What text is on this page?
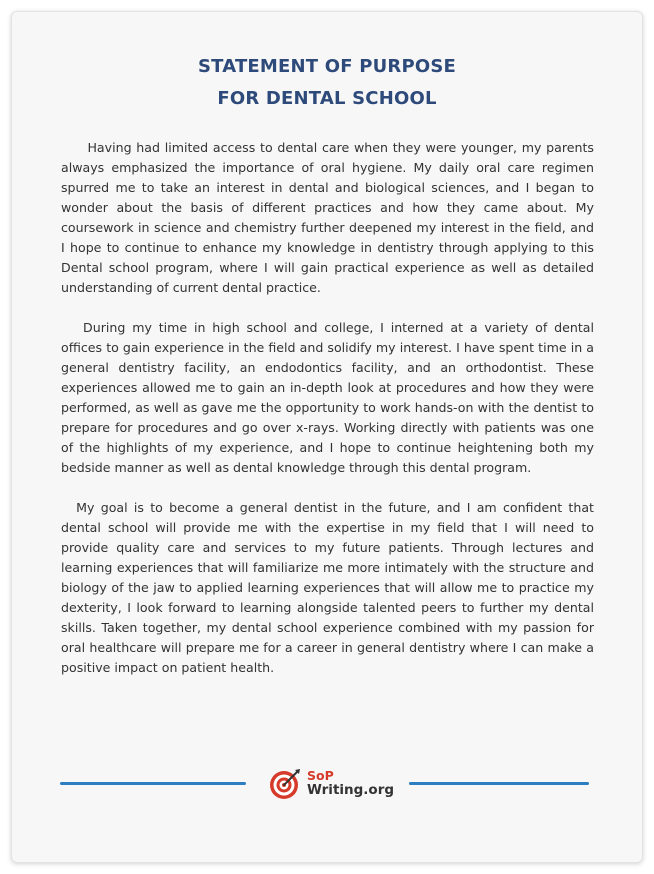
STATEMENT OF PURPOSE
FOR DENTAL SCHOOL

Having had limited access to dental care when they were younger, my parents always emphasized the importance of oral hygiene. My daily oral care regimen spurred me to take an interest in dental and biological sciences, and I began to wonder about the basis of different practices and how they came about. My coursework in science and chemistry further deepened my interest in the field, and I hope to continue to enhance my knowledge in dentistry through applying to this Dental school program, where I will gain practical experience as well as detailed understanding of current dental practice.

During my time in high school and college, I interned at a variety of dental offices to gain experience in the field and solidify my interest. I have spent time in a general dentistry facility, an endodontics facility, and an orthodontist. These experiences allowed me to gain an in-depth look at procedures and how they were performed, as well as gave me the opportunity to work hands-on with the dentist to prepare for procedures and go over x-rays. Working directly with patients was one of the highlights of my experience, and I hope to continue heightening both my bedside manner as well as dental knowledge through this dental program.

My goal is to become a general dentist in the future, and I am confident that dental school will provide me with the expertise in my field that I will need to provide quality care and services to my future patients. Through lectures and learning experiences that will familiarize me more intimately with the structure and biology of the jaw to applied learning experiences that will allow me to practice my dexterity, I look forward to learning alongside talented peers to further my dental skills. Taken together, my dental school experience combined with my passion for oral healthcare will prepare me for a career in general dentistry where I can make a positive impact on patient health.

SoP
Writing.org
